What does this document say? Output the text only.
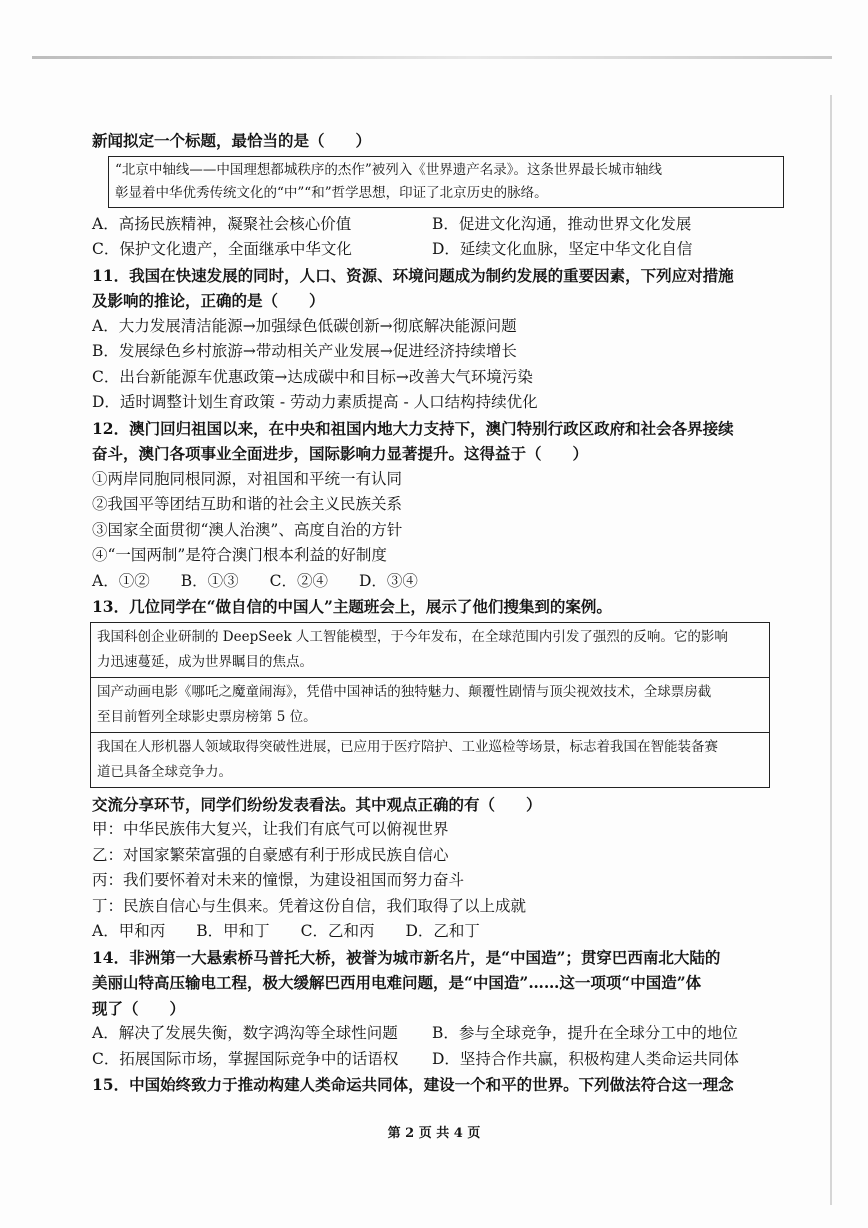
新闻拟定一个标题，最恰当的是（　　）
“北京中轴线——中国理想都城秩序的杰作”被列入《世界遗产名录》。这条世界最长城市轴线
彰显着中华优秀传统文化的“中”“和”哲学思想，印证了北京历史的脉络。
A．高扬民族精神，凝聚社会核心价值	B．促进文化沟通，推动世界文化发展
C．保护文化遗产，全面继承中华文化	D．延续文化血脉，坚定中华文化自信
11．我国在快速发展的同时，人口、资源、环境问题成为制约发展的重要因素，下列应对措施
及影响的推论，正确的是（　　）
A．大力发展清洁能源→加强绿色低碳创新→彻底解决能源问题
B．发展绿色乡村旅游→带动相关产业发展→促进经济持续增长
C．出台新能源车优惠政策→达成碳中和目标→改善大气环境污染
D．适时调整计划生育政策 - 劳动力素质提高 - 人口结构持续优化
12．澳门回归祖国以来，在中央和祖国内地大力支持下，澳门特别行政区政府和社会各界接续
奋斗，澳门各项事业全面进步，国际影响力显著提升。这得益于（　　）
①两岸同胞同根同源，对祖国和平统一有认同
②我国平等团结互助和谐的社会主义民族关系
③国家全面贯彻“澳人治澳”、高度自治的方针
④“一国两制”是符合澳门根本利益的好制度
A．①②　　B．①③　　C．②④　　D．③④
13．几位同学在“做自信的中国人”主题班会上，展示了他们搜集到的案例。
我国科创企业研制的 DeepSeek 人工智能模型，于今年发布，在全球范围内引发了强烈的反响。它的影响
力迅速蔓延，成为世界瞩目的焦点。
国产动画电影《哪吒之魔童闹海》，凭借中国神话的独特魅力、颠覆性剧情与顶尖视效技术，全球票房截
至目前暂列全球影史票房榜第 5 位。
我国在人形机器人领域取得突破性进展，已应用于医疗陪护、工业巡检等场景，标志着我国在智能装备赛
道已具备全球竞争力。
交流分享环节，同学们纷纷发表看法。其中观点正确的有（　　）
甲：中华民族伟大复兴，让我们有底气可以俯视世界
乙：对国家繁荣富强的自豪感有利于形成民族自信心
丙：我们要怀着对未来的憧憬，为建设祖国而努力奋斗
丁：民族自信心与生俱来。凭着这份自信，我们取得了以上成就
A．甲和丙　　B．甲和丁　　C．乙和丙　　D．乙和丁
14．非洲第一大悬索桥马普托大桥，被誉为城市新名片，是“中国造”；贯穿巴西南北大陆的
美丽山特高压输电工程，极大缓解巴西用电难问题，是“中国造”……这一项项“中国造”体
现了（　　）
A．解决了发展失衡，数字鸿沟等全球性问题	B．参与全球竞争，提升在全球分工中的地位
C．拓展国际市场，掌握国际竞争中的话语权	D．坚持合作共赢，积极构建人类命运共同体
15．中国始终致力于推动构建人类命运共同体，建设一个和平的世界。下列做法符合这一理念
第 2 页 共 4 页
